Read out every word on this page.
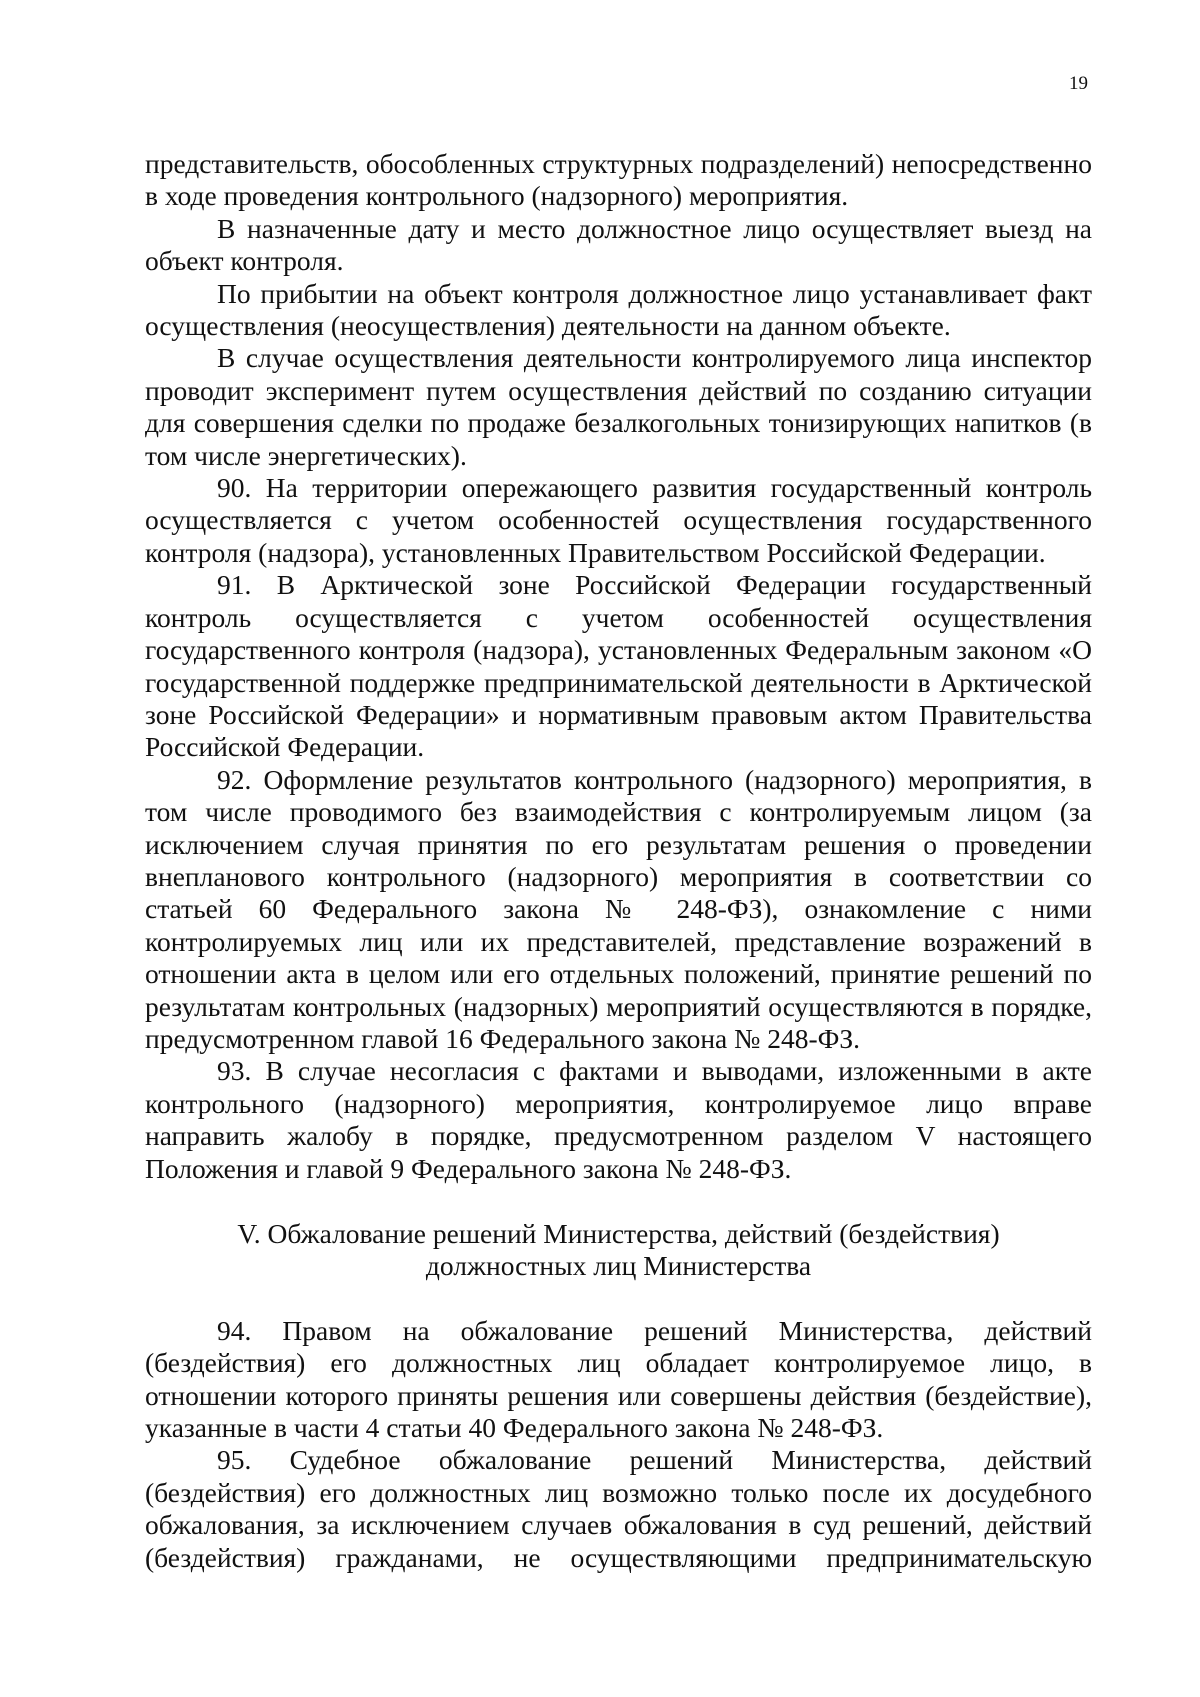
19

представительств, обособленных структурных подразделений) непосредственно в ходе проведения контрольного (надзорного) мероприятия.

В назначенные дату и место должностное лицо осуществляет выезд на объект контроля.

По прибытии на объект контроля должностное лицо устанавливает факт осуществления (неосуществления) деятельности на данном объекте.

В случае осуществления деятельности контролируемого лица инспектор проводит эксперимент путем осуществления действий по созданию ситуации для совершения сделки по продаже безалкогольных тонизирующих напитков (в том числе энергетических).

90. На территории опережающего развития государственный контроль осуществляется с учетом особенностей осуществления государственного контроля (надзора), установленных Правительством Российской Федерации.

91. В Арктической зоне Российской Федерации государственный контроль осуществляется с учетом особенностей осуществления государственного контроля (надзора), установленных Федеральным законом «О государственной поддержке предпринимательской деятельности в Арктической зоне Российской Федерации» и нормативным правовым актом Правительства Российской Федерации.

92. Оформление результатов контрольного (надзорного) мероприятия, в том числе проводимого без взаимодействия с контролируемым лицом (за исключением случая принятия по его результатам решения о проведении внепланового контрольного (надзорного) мероприятия в соответствии со статьей 60 Федерального закона № 248-ФЗ), ознакомление с ними контролируемых лиц или их представителей, представление возражений в отношении акта в целом или его отдельных положений, принятие решений по результатам контрольных (надзорных) мероприятий осуществляются в порядке, предусмотренном главой 16 Федерального закона № 248-ФЗ.

93. В случае несогласия с фактами и выводами, изложенными в акте контрольного (надзорного) мероприятия, контролируемое лицо вправе направить жалобу в порядке, предусмотренном разделом V настоящего Положения и главой 9 Федерального закона № 248-ФЗ.

V. Обжалование решений Министерства, действий (бездействия)
должностных лиц Министерства

94. Правом на обжалование решений Министерства, действий (бездействия) его должностных лиц обладает контролируемое лицо, в отношении которого приняты решения или совершены действия (бездействие), указанные в части 4 статьи 40 Федерального закона № 248-ФЗ.

95. Судебное обжалование решений Министерства, действий (бездействия) его должностных лиц возможно только после их досудебного обжалования, за исключением случаев обжалования в суд решений, действий (бездействия) гражданами, не осуществляющими предпринимательскую
